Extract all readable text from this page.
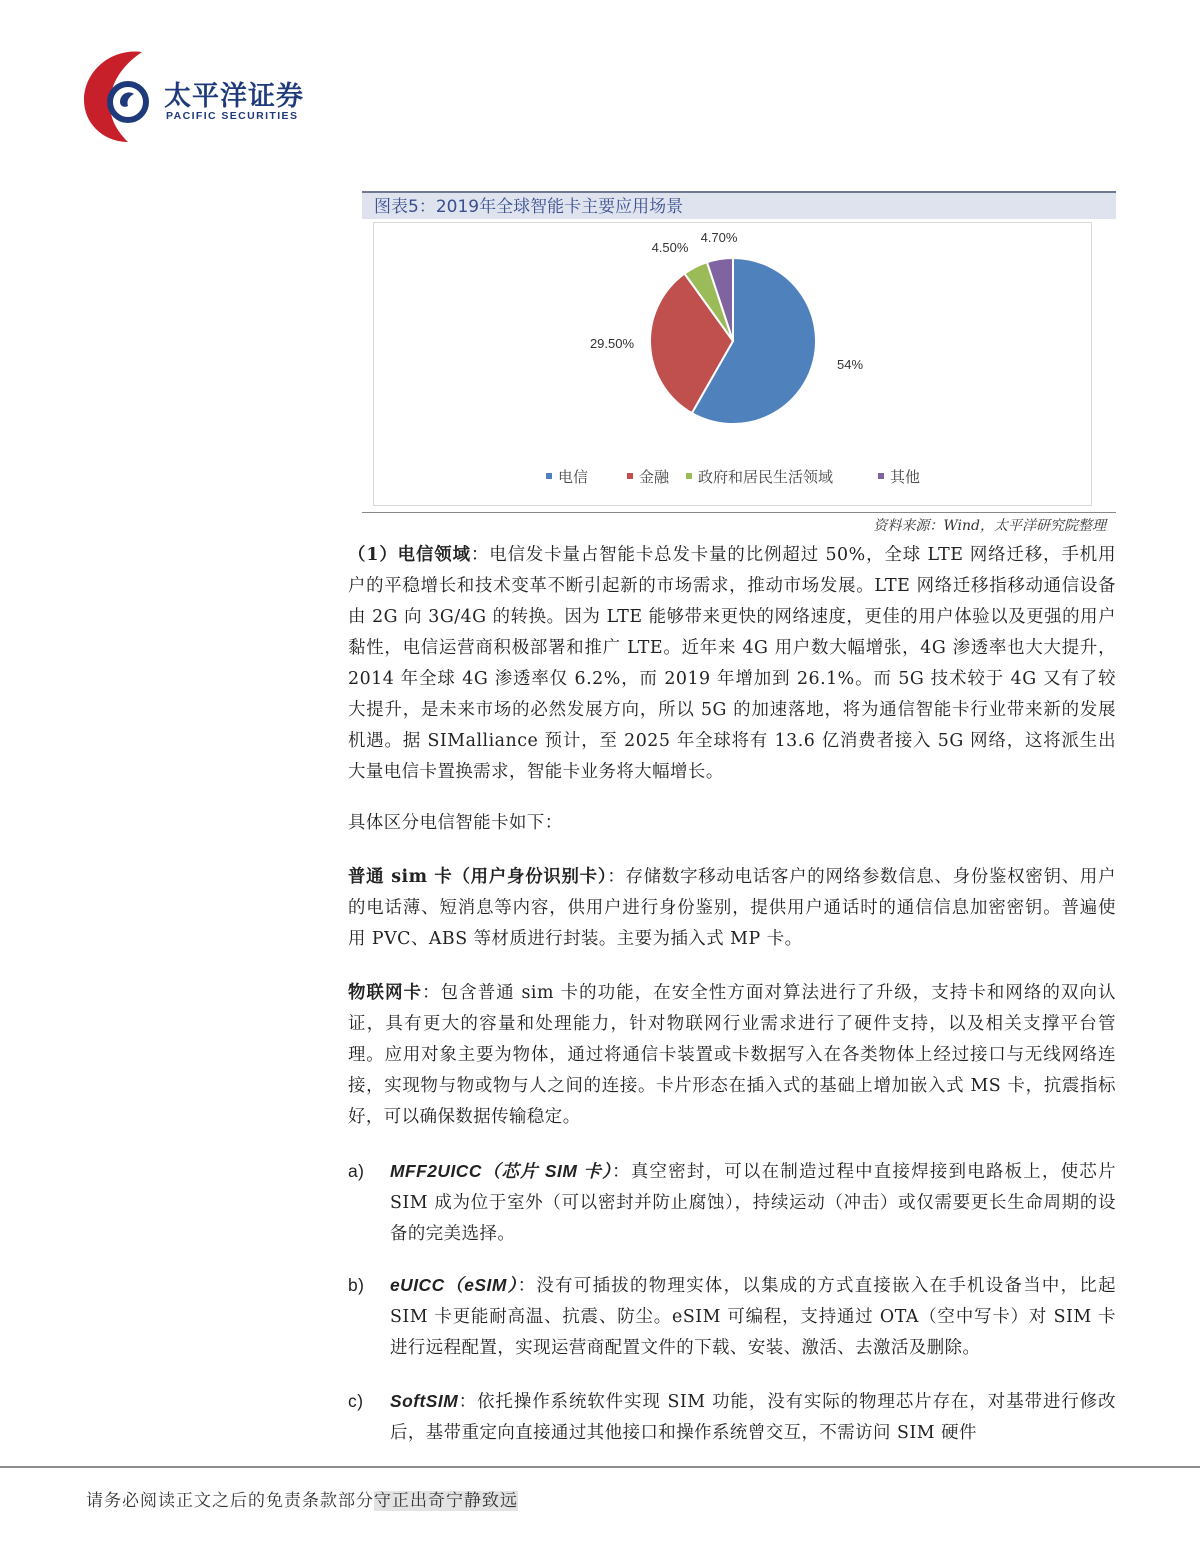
太平洋证券
PACIFIC SECURITIES
图表5：2019年全球智能卡主要应用场景
54%
29.50%
4.50%
4.70%
电信	金融 政府和居民生活领域	其他
资料来源：Wind，太平洋研究院整理

（1）电信领域：电信发卡量占智能卡总发卡量的比例超过 50%，全球 LTE 网络迁移，手机用户的平稳增长和技术变革不断引起新的市场需求，推动市场发展。LTE 网络迁移指移动通信设备由 2G 向 3G/4G 的转换。因为 LTE 能够带来更快的网络速度，更佳的用户体验以及更强的用户黏性，电信运营商积极部署和推广 LTE。近年来 4G 用户数大幅增张，4G 渗透率也大大提升，2014 年全球 4G 渗透率仅 6.2%，而 2019 年增加到 26.1%。而 5G 技术较于 4G 又有了较大提升，是未来市场的必然发展方向，所以 5G 的加速落地，将为通信智能卡行业带来新的发展机遇。据 SIMalliance 预计，至 2025 年全球将有 13.6 亿消费者接入 5G 网络，这将派生出大量电信卡置换需求，智能卡业务将大幅增长。

具体区分电信智能卡如下：

普通 sim 卡（用户身份识别卡）：存储数字移动电话客户的网络参数信息、身份鉴权密钥、用户的电话薄、短消息等内容，供用户进行身份鉴别，提供用户通话时的通信信息加密密钥。普遍使用 PVC、ABS 等材质进行封装。主要为插入式 MP 卡。

物联网卡：包含普通 sim 卡的功能，在安全性方面对算法进行了升级，支持卡和网络的双向认证，具有更大的容量和处理能力，针对物联网行业需求进行了硬件支持，以及相关支撑平台管理。应用对象主要为物体，通过将通信卡装置或卡数据写入在各类物体上经过接口与无线网络连接，实现物与物或物与人之间的连接。卡片形态在插入式的基础上增加嵌入式 MS 卡，抗震指标好，可以确保数据传输稳定。

a) MFF2UICC（芯片 SIM 卡）：真空密封，可以在制造过程中直接焊接到电路板上，使芯片 SIM 成为位于室外（可以密封并防止腐蚀），持续运动（冲击）或仅需要更长生命周期的设备的完美选择。
b) eUICC（eSIM）：没有可插拔的物理实体，以集成的方式直接嵌入在手机设备当中，比起 SIM 卡更能耐高温、抗震、防尘。eSIM 可编程，支持通过 OTA（空中写卡）对 SIM 卡进行远程配置，实现运营商配置文件的下载、安装、激活、去激活及删除。
c) SoftSIM：依托操作系统软件实现 SIM 功能，没有实际的物理芯片存在，对基带进行修改后，基带重定向直接通过其他接口和操作系统曾交互，不需访问 SIM 硬件
请务必阅读正文之后的免责条款部分守正出奇宁静致远
